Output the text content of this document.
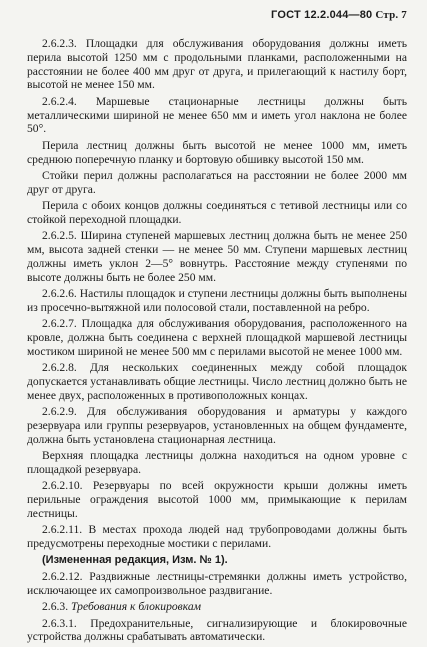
ГОСТ 12.2.044—80 Стр. 7

2.6.2.3. Площадки для обслуживания оборудования должны иметь перила высотой 1250 мм с продольными планками, расположенными на расстоянии не более 400 мм друг от друга, и прилегающий к настилу борт, высотой не менее 150 мм.

2.6.2.4. Маршевые стационарные лестницы должны быть металлическими шириной не менее 650 мм и иметь угол наклона не более 50°.

Перила лестниц должны быть высотой не менее 1000 мм, иметь среднюю поперечную планку и бортовую обшивку высотой 150 мм.

Стойки перил должны располагаться на расстоянии не более 2000 мм друг от друга.

Перила с обоих концов должны соединяться с тетивой лестницы или со стойкой переходной площадки.

2.6.2.5. Ширина ступеней маршевых лестниц должна быть не менее 250 мм, высота задней стенки — не менее 50 мм. Ступени маршевых лестниц должны иметь уклон 2—5° вовнутрь. Расстояние между ступенями по высоте должны быть не более 250 мм.

2.6.2.6. Настилы площадок и ступени лестницы должны быть выполнены из просечно-вытяжной или полосовой стали, поставленной на ребро.

2.6.2.7. Площадка для обслуживания оборудования, расположенного на кровле, должна быть соединена с верхней площадкой маршевой лестницы мостиком шириной не менее 500 мм с перилами высотой не менее 1000 мм.

2.6.2.8. Для нескольких соединенных между собой площадок допускается устанавливать общие лестницы. Число лестниц должно быть не менее двух, расположенных в противоположных концах.

2.6.2.9. Для обслуживания оборудования и арматуры у каждого резервуара или группы резервуаров, установленных на общем фундаменте, должна быть установлена стационарная лестница.

Верхняя площадка лестницы должна находиться на одном уровне с площадкой резервуара.

2.6.2.10. Резервуары по всей окружности крыши должны иметь перильные ограждения высотой 1000 мм, примыкающие к перилам лестницы.

2.6.2.11. В местах прохода людей над трубопроводами должны быть предусмотрены переходные мостики с перилами.

(Измененная редакция, Изм. № 1).

2.6.2.12. Раздвижные лестницы-стремянки должны иметь устройство, исключающее их самопроизвольное раздвигание.

2.6.3. Требования к блокировкам

2.6.3.1. Предохранительные, сигнализирующие и блокировочные устройства должны срабатывать автоматически.
